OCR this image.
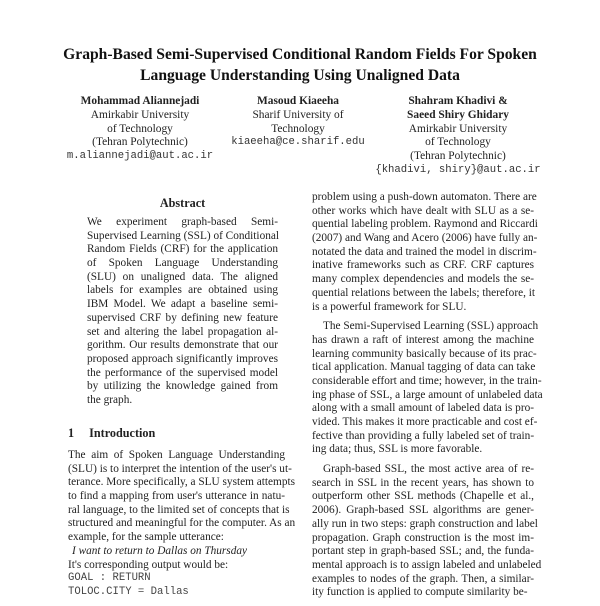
Graph-Based Semi-Supervised Conditional Random Fields For Spoken
Language Understanding Using Unaligned Data
Mohammad Aliannejadi
Amirkabir University
of Technology
(Tehran Polytechnic)
m.aliannejadi@aut.ac.ir
Masoud Kiaeeha
Sharif University of
Technology
kiaeeha@ce.sharif.edu
Shahram Khadivi &
Saeed Shiry Ghidary
Amirkabir University
of Technology
(Tehran Polytechnic)
{khadivi, shiry}@aut.ac.ir
Abstract
We experiment graph-based Semi-
Supervised Learning (SSL) of Conditional
Random Fields (CRF) for the application
of Spoken Language Understanding
(SLU) on unaligned data. The aligned
labels for examples are obtained using
IBM Model. We adapt a baseline semi-
supervised CRF by defining new feature
set and altering the label propagation al-
gorithm. Our results demonstrate that our
proposed approach significantly improves
the performance of the supervised model
by utilizing the knowledge gained from
the graph.
1 Introduction
The aim of Spoken Language Understanding
(SLU) is to interpret the intention of the user's ut-
terance. More specifically, a SLU system attempts
to find a mapping from user's utterance in natu-
ral language, to the limited set of concepts that is
structured and meaningful for the computer. As an
example, for the sample utterance:
I want to return to Dallas on Thursday
It's corresponding output would be:
GOAL : RETURN
TOLOC.CITY = Dallas
problem using a push-down automaton. There are
other works which have dealt with SLU as a se-
quential labeling problem. Raymond and Riccardi
(2007) and Wang and Acero (2006) have fully an-
notated the data and trained the model in discrim-
inative frameworks such as CRF. CRF captures
many complex dependencies and models the se-
quential relations between the labels; therefore, it
is a powerful framework for SLU.
The Semi-Supervised Learning (SSL) approach
has drawn a raft of interest among the machine
learning community basically because of its prac-
tical application. Manual tagging of data can take
considerable effort and time; however, in the train-
ing phase of SSL, a large amount of unlabeled data
along with a small amount of labeled data is pro-
vided. This makes it more practicable and cost ef-
fective than providing a fully labeled set of train-
ing data; thus, SSL is more favorable.
Graph-based SSL, the most active area of re-
search in SSL in the recent years, has shown to
outperform other SSL methods (Chapelle et al.,
2006). Graph-based SSL algorithms are gener-
ally run in two steps: graph construction and label
propagation. Graph construction is the most im-
portant step in graph-based SSL; and, the funda-
mental approach is to assign labeled and unlabeled
examples to nodes of the graph. Then, a similar-
ity function is applied to compute similarity be-
